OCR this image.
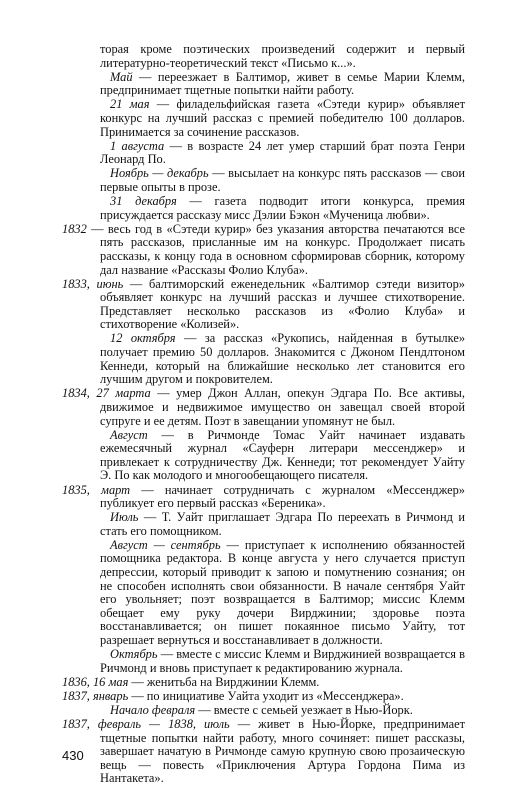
торая кроме поэтических произведений содержит и первый литературно-теоретический текст «Письмо к...».

Май — переезжает в Балтимор, живет в семье Марии Клемм, предпринимает тщетные попытки найти работу.

21 мая — филадельфийская газета «Сэтеди курир» объявляет конкурс на лучший рассказ с премией победителю 100 долларов. Принимается за сочинение рассказов.

1 августа — в возрасте 24 лет умер старший брат поэта Генри Леонард По.

Ноябрь — декабрь — высылает на конкурс пять рассказов — свои первые опыты в прозе.

31 декабря — газета подводит итоги конкурса, премия присуждается рассказу мисс Дэлии Бэкон «Мученица любви».

1832 — весь год в «Сэтеди курир» без указания авторства печатаются все пять рассказов, присланные им на конкурс. Продолжает писать рассказы, к концу года в основном сформировав сборник, которому дал название «Рассказы Фолио Клуба».

1833, июнь — балтиморский еженедельник «Балтимор сэтеди визитор» объявляет конкурс на лучший рассказ и лучшее стихотворение. Представляет несколько рассказов из «Фолио Клуба» и стихотворение «Колизей».

12 октября — за рассказ «Рукопись, найденная в бутылке» получает премию 50 долларов. Знакомится с Джоном Пендлтоном Кеннеди, который на ближайшие несколько лет становится его лучшим другом и покровителем.

1834, 27 марта — умер Джон Аллан, опекун Эдгара По. Все активы, движимое и недвижимое имущество он завещал своей второй супруге и ее детям. Поэт в завещании упомянут не был.

Август — в Ричмонде Томас Уайт начинает издавать ежемесячный журнал «Сауферн литерари мессенджер» и привлекает к сотрудничеству Дж. Кеннеди; тот рекомендует Уайту Э. По как молодого и многообещающего писателя.

1835, март — начинает сотрудничать с журналом «Мессенджер» публикует его первый рассказ «Береника».

Июль — Т. Уайт приглашает Эдгара По переехать в Ричмонд и стать его помощником.

Август — сентябрь — приступает к исполнению обязанностей помощника редактора. В конце августа у него случается приступ депрессии, который приводит к запою и помутнению сознания; он не способен исполнять свои обязанности. В начале сентября Уайт его увольняет; поэт возвращается в Балтимор; миссис Клемм обещает ему руку дочери Вирджинии; здоровье поэта восстанавливается; он пишет покаянное письмо Уайту, тот разрешает вернуться и восстанавливает в должности.

Октябрь — вместе с миссис Клемм и Вирджинией возвращается в Ричмонд и вновь приступает к редактированию журнала.

1836, 16 мая — женитьба на Вирджинии Клемм.

1837, январь — по инициативе Уайта уходит из «Мессенджера».

Начало февраля — вместе с семьей уезжает в Нью-Йорк.

1837, февраль — 1838, июль — живет в Нью-Йорке, предпринимает тщетные попытки найти работу, много сочиняет: пишет рассказы, завершает начатую в Ричмонде самую крупную свою прозаическую вещь — повесть «Приключения Артура Гордона Пима из Нантакета».

430
